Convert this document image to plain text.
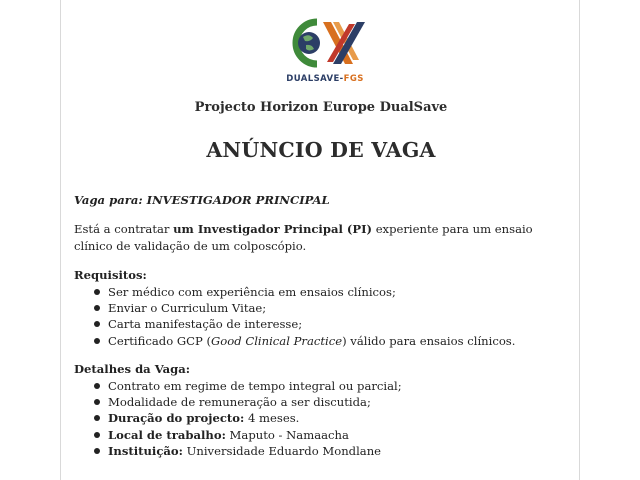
DUALSAVE-FGS
Projecto Horizon Europe DualSave
ANÚNCIO DE VAGA

Vaga para: INVESTIGADOR PRINCIPAL

Está a contratar um Investigador Principal (PI) experiente para um ensaio clínico de validação de um colposcópio.

Requisitos:

Ser médico com experiência em ensaios clínicos;
Enviar o Curriculum Vitae;
Carta manifestação de interesse;
Certificado GCP (Good Clinical Practice) válido para ensaios clínicos.

Detalhes da Vaga:

Contrato em regime de tempo integral ou parcial;
Modalidade de remuneração a ser discutida;
Duração do projecto: 4 meses.
Local de trabalho: Maputo - Namaacha
Instituição: Universidade Eduardo Mondlane
